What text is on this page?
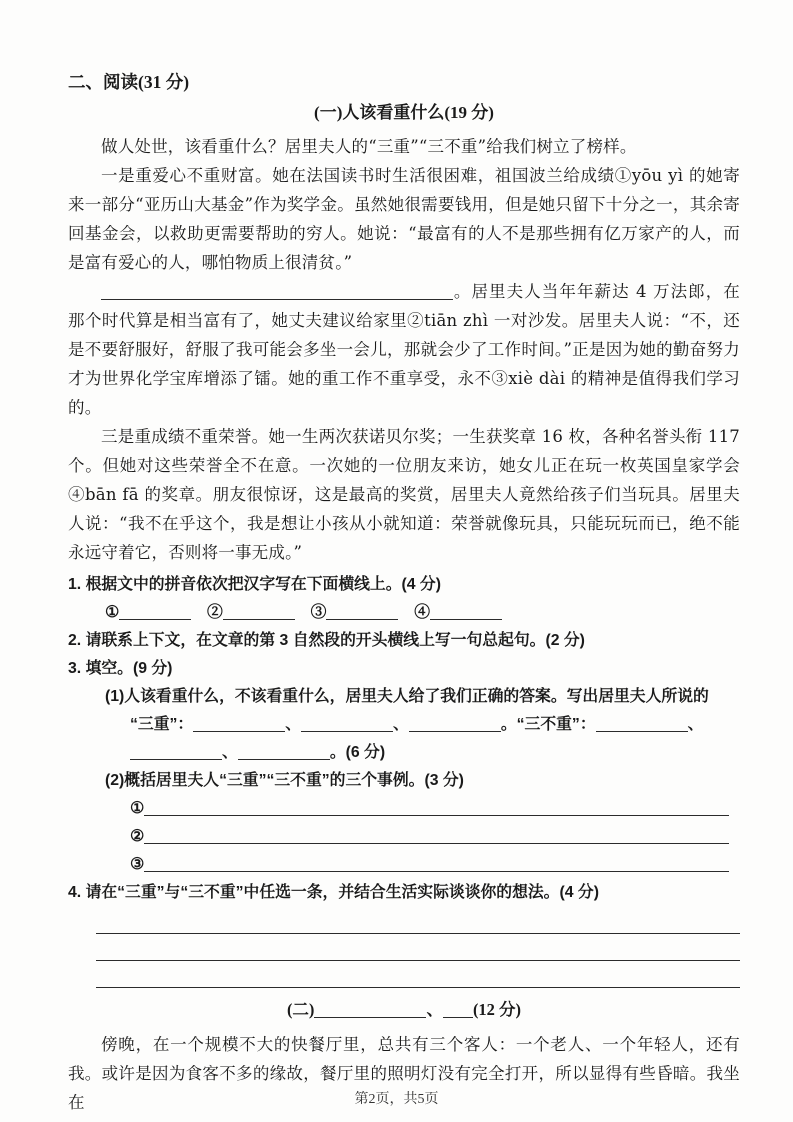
二、阅读(31 分)
(一)人该看重什么(19 分)

做人处世，该看重什么？居里夫人的“三重”“三不重”给我们树立了榜样。

一是重爱心不重财富。她在法国读书时生活很困难，祖国波兰给成绩①yōu yì 的她寄来一部分“亚历山大基金”作为奖学金。虽然她很需要钱用，但是她只留下十分之一，其余寄回基金会，以救助更需要帮助的穷人。她说：“最富有的人不是那些拥有亿万家产的人，而是富有爱心的人，哪怕物质上很清贫。”

。居里夫人当年年薪达 4 万法郎，在那个时代算是相当富有了，她丈夫建议给家里②tiān zhì 一对沙发。居里夫人说：“不，还是不要舒服好，舒服了我可能会多坐一会儿，那就会少了工作时间。”正是因为她的勤奋努力才为世界化学宝库增添了镭。她的重工作不重享受，永不③xiè dài 的精神是值得我们学习的。

三是重成绩不重荣誉。她一生两次获诺贝尔奖；一生获奖章 16 枚，各种名誉头衔 117 个。但她对这些荣誉全不在意。一次她的一位朋友来访，她女儿正在玩一枚英国皇家学会④bān fā 的奖章。朋友很惊讶，这是最高的奖赏，居里夫人竟然给孩子们当玩具。居里夫人说：“我不在乎这个，我是想让小孩从小就知道：荣誉就像玩具，只能玩玩而已，绝不能永远守着它，否则将一事无成。”

1. 根据文中的拼音依次把汉字写在下面横线上。(4 分)
①	　②	　③	　④
2. 请联系上下文，在文章的第 3 自然段的开头横线上写一句总起句。(2 分)
3. 填空。(9 分)
(1)人该看重什么，不该看重什么，居里夫人给了我们正确的答案。写出居里夫人所说的
“三重”：	、	、	。“三不重”：	、
、	。(6 分)
(2)概括居里夫人“三重”“三不重”的三个事例。(3 分)
①
②
③
4. 请在“三重”与“三不重”中任选一条，并结合生活实际谈谈你的想法。(4 分)
(二)	、 (12 分)

傍晚，在一个规模不大的快餐厅里，总共有三个客人：一个老人、一个年轻人，还有我。或许是因为食客不多的缘故，餐厅里的照明灯没有完全打开，所以显得有些昏暗。我坐在	第2页，共5页
